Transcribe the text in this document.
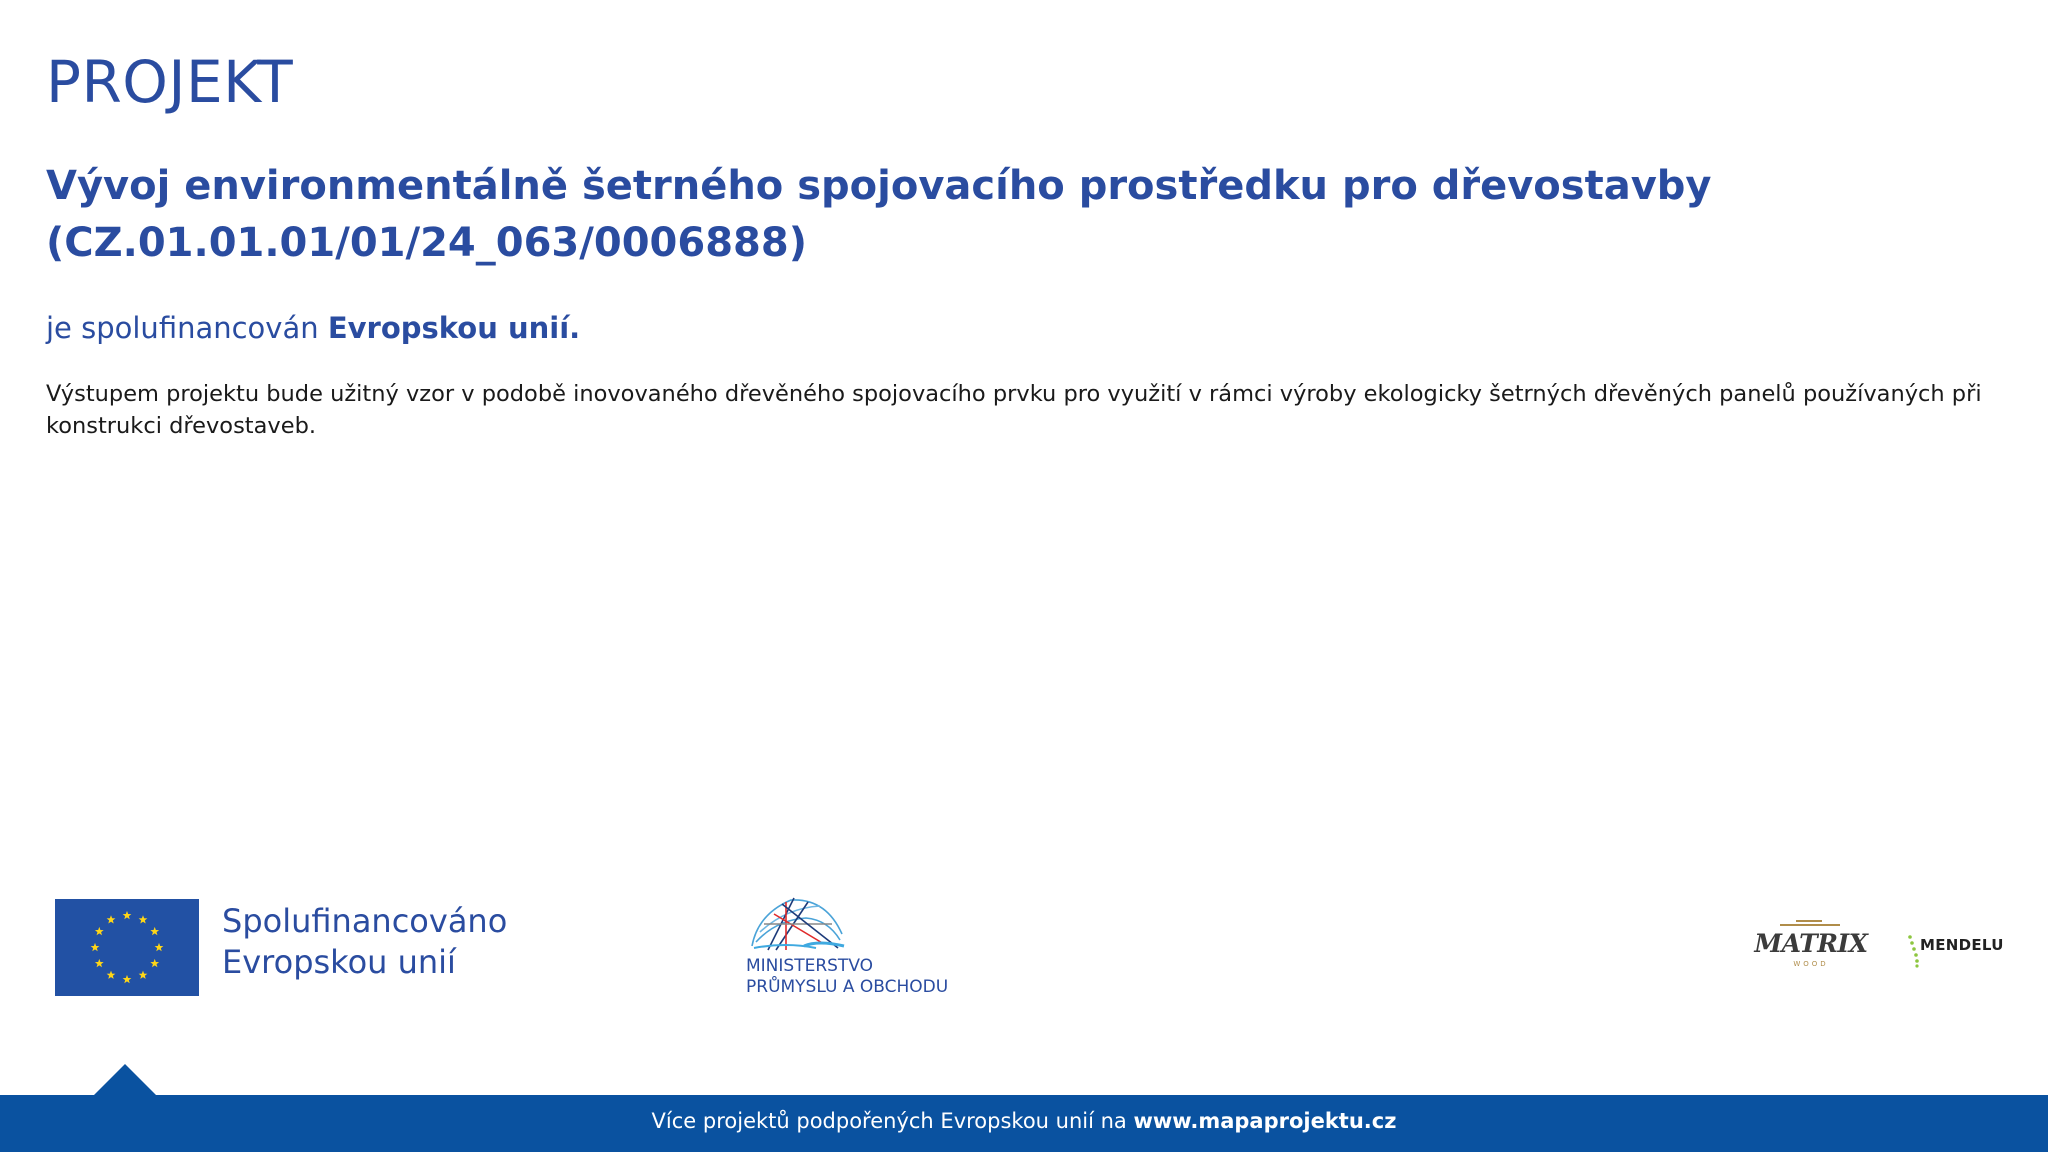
PROJEKT
Vývoj environmentálně šetrného spojovacího prostředku pro dřevostavby (CZ.01.01.01/01/24_063/0006888)

je spolufinancován Evropskou unií.

Výstupem projektu bude užitný vzor v podobě inovovaného dřevěného spojovacího prvku pro využití v rámci výroby ekologicky šetrných dřevěných panelů používaných při konstrukci dřevostaveb.

Spolufinancováno
Evropskou unií	MINISTERSTVO
PRŮMYSLU A OBCHODU
MATRIX
WOOD
MENDELU
Více projektů podpořených Evropskou unií na www.mapaprojektu.cz
